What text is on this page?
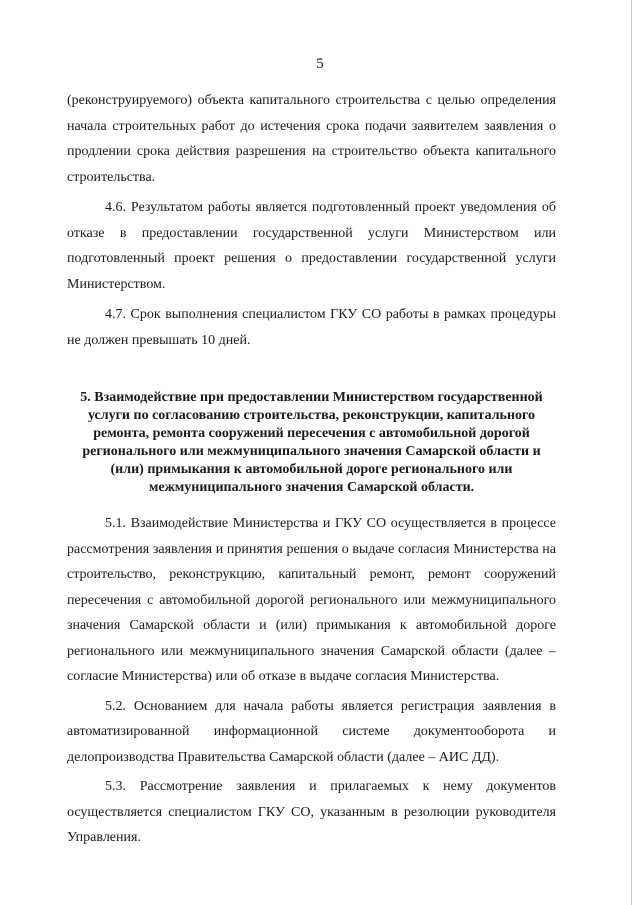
5

(реконструируемого) объекта капитального строительства с целью определения начала строительных работ до истечения срока подачи заявителем заявления о продлении срока действия разрешения на строительство объекта капитального строительства.

4.6. Результатом работы является подготовленный проект уведомления об отказе в предоставлении государственной услуги Министерством или подготовленный проект решения о предоставлении государственной услуги Министерством.

4.7. Срок выполнения специалистом ГКУ СО работы в рамках процедуры не должен превышать 10 дней.

5. Взаимодействие при предоставлении Министерством государственной услуги по согласованию строительства, реконструкции, капитального ремонта, ремонта сооружений пересечения с автомобильной дорогой регионального или межмуниципального значения Самарской области и (или) примыкания к автомобильной дороге регионального или межмуниципального значения Самарской области.

5.1. Взаимодействие Министерства и ГКУ СО осуществляется в процессе рассмотрения заявления и принятия решения о выдаче согласия Министерства на строительство, реконструкцию, капитальный ремонт, ремонт сооружений пересечения с автомобильной дорогой регионального или межмуниципального значения Самарской области и (или) примыкания к автомобильной дороге регионального или межмуниципального значения Самарской области (далее – согласие Министерства) или об отказе в выдаче согласия Министерства.

5.2. Основанием для начала работы является регистрация заявления в автоматизированной информационной системе документооборота и делопроизводства Правительства Самарской области (далее – АИС ДД).

5.3. Рассмотрение заявления и прилагаемых к нему документов осуществляется специалистом ГКУ СО, указанным в резолюции руководителя Управления.
